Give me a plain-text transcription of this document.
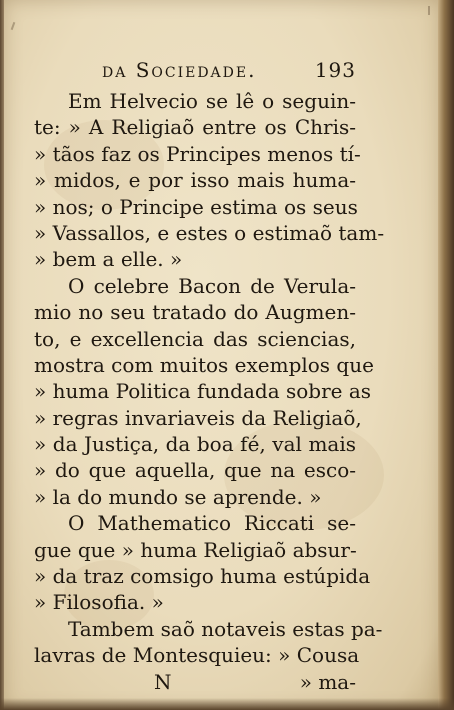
da Sociedade.	193
Em Helvecio se lê o seguin-
te: » A Religiaõ entre os Chris-
» tãos faz os Principes menos tí-
» midos, e por isso mais huma-
» nos; o Principe estima os seus
» Vassallos, e estes o estimaõ tam-
» bem a elle. »
O celebre Bacon de Verula-
mio no seu tratado do Augmen-
to, e excellencia das sciencias,
mostra com muitos exemplos que
» huma Politica fundada sobre as
» regras invariaveis da Religiaõ,
» da Justiça, da boa fé, val mais
» do que aquella, que na esco-
» la do mundo se aprende. »
O Mathematico Riccati se-
gue que » huma Religiaõ absur-
» da traz comsigo huma estúpida
» Filosofia. »
Tambem saõ notaveis estas pa-
lavras de Montesquieu: » Cousa
N	» ma-
